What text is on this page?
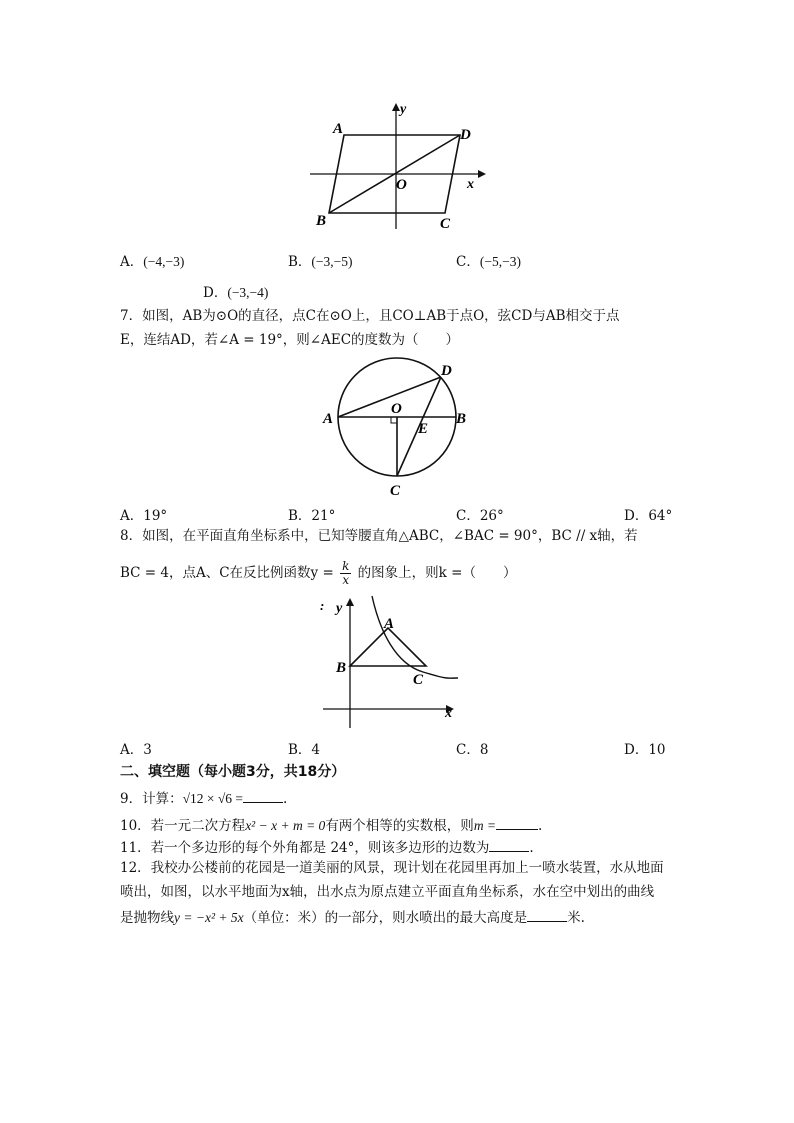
A	D
B	C
O	x
y
A．(−4,−3)	B．(−3,−5)	C．(−5,−3)
D．(−3,−4)
7．如图，AB为⊙O的直径，点C在⊙O上，且CO⊥AB于点O，弦CD与AB相交于点
E，连结AD，若∠A = 19°，则∠AEC的度数为（　　）
A	B
C
D
O
E
A．19°	B．21°	C．26°	D．64°
8．如图，在平面直角坐标系中，已知等腰直角△ABC，∠BAC = 90°，BC // x轴，若
BC = 4，点A、C在反比例函数$y = \frac{k}{x}$ 的图象上，则k =（　　）
: y
A
B
C
x
A．3	B．4	C．8	D．10
二、填空题（每小题3分，共18分）
9．计算：√12 × √6 =	.
10．若一元二次方程x² − x + m = 0有两个相等的实数根，则m =	.
11．若一个多边形的每个外角都是 24°，则该多边形的边数为	.
12．我校办公楼前的花园是一道美丽的风景，现计划在花园里再加上一喷水装置，水从地面
喷出，如图，以水平地面为x轴，出水点为原点建立平面直角坐标系，水在空中划出的曲线
是抛物线y = −x² + 5x（单位：米）的一部分，则水喷出的最大高度是	米.
